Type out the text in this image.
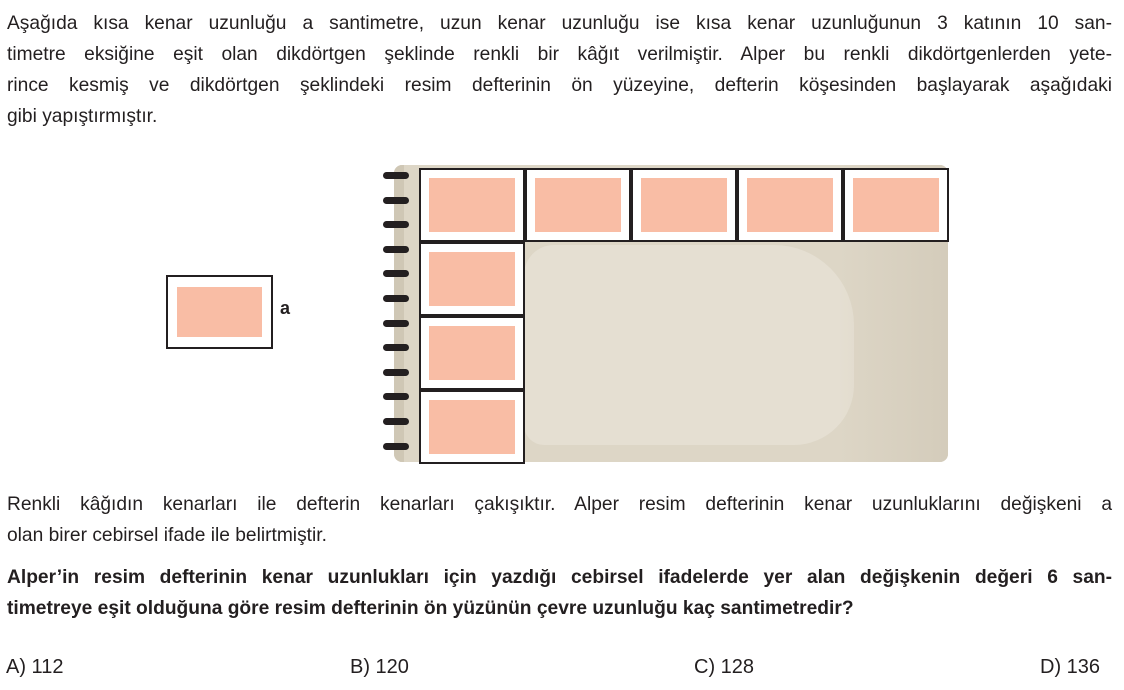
Aşağıda kısa kenar uzunluğu a santimetre, uzun kenar uzunluğu ise kısa kenar uzunluğunun 3 katının 10 san-
timetre eksiğine eşit olan dikdörtgen şeklinde renkli bir kâğıt verilmiştir. Alper bu renkli dikdörtgenlerden yete-
rince kesmiş ve dikdörtgen şeklindeki resim defterinin ön yüzeyine, defterin köşesinden başlayarak aşağıdaki
gibi yapıştırmıştır.
a
Renkli kâğıdın kenarları ile defterin kenarları çakışıktır. Alper resim defterinin kenar uzunluklarını değişkeni a
olan birer cebirsel ifade ile belirtmiştir.
Alper’in resim defterinin kenar uzunlukları için yazdığı cebirsel ifadelerde yer alan değişkenin değeri 6 san-
timetreye eşit olduğuna göre resim defterinin ön yüzünün çevre uzunluğu kaç santimetredir?
A) 112	B) 120	C) 128	D) 136
